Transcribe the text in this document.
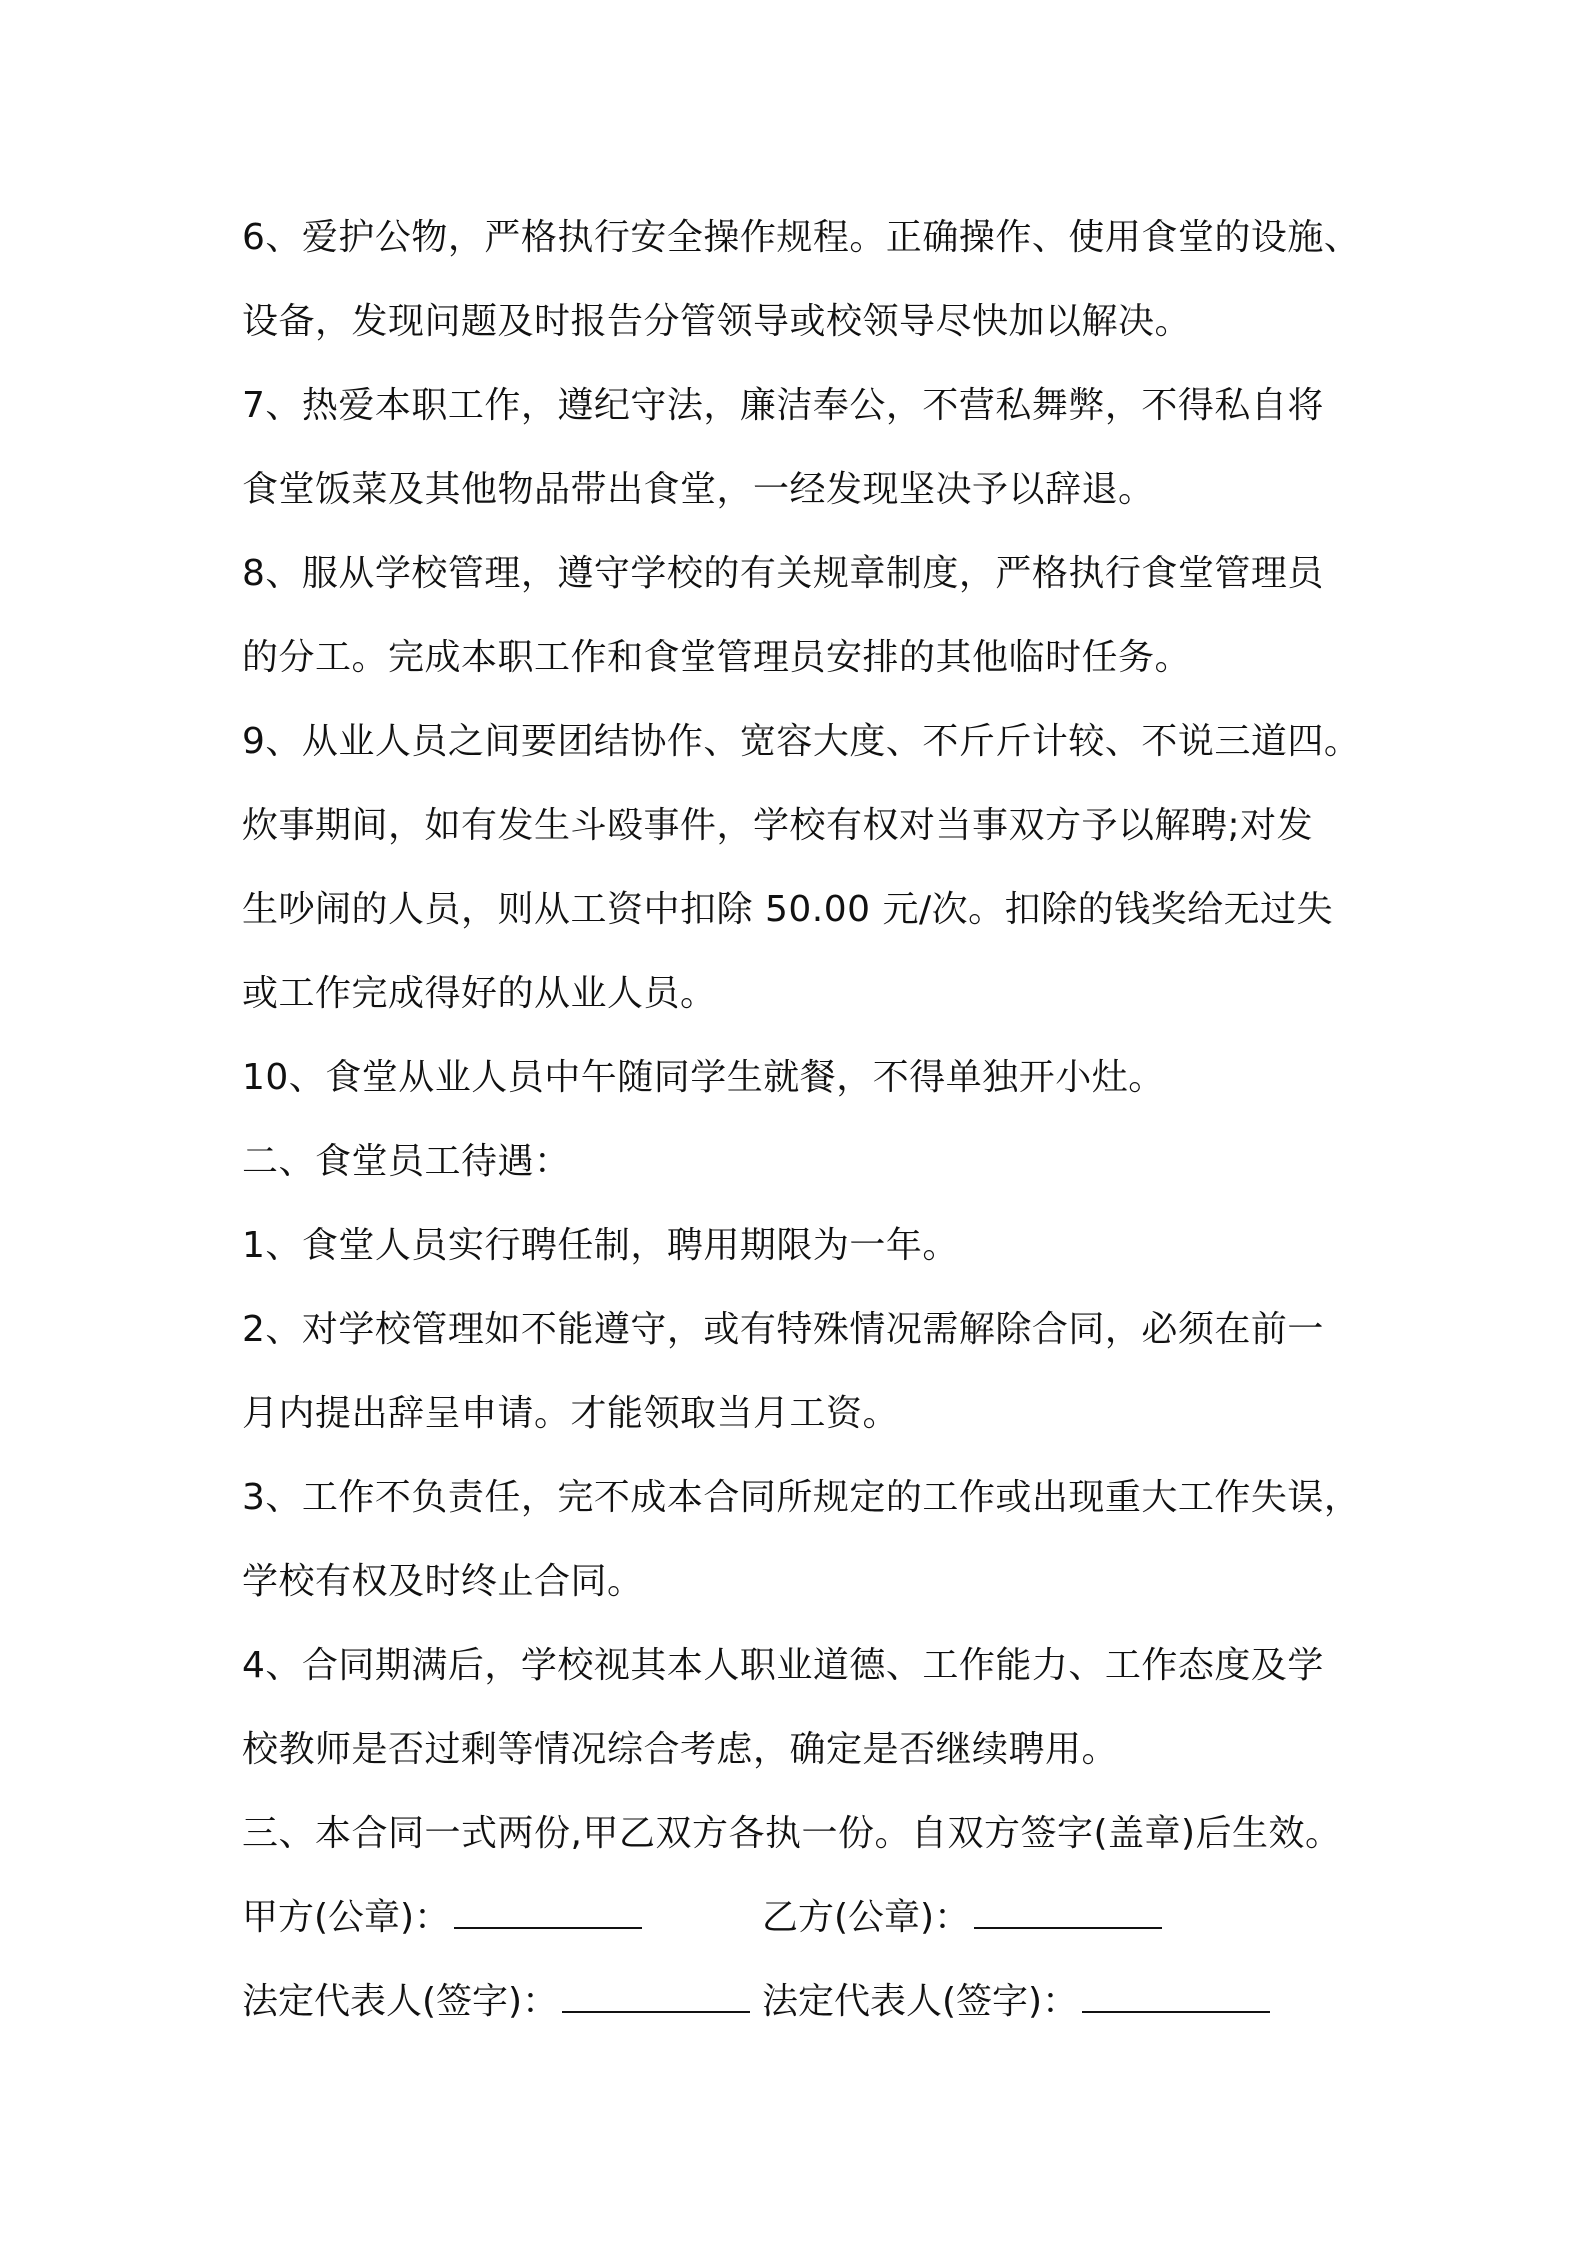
6、爱护公物，严格执行安全操作规程。正确操作、使用食堂的设施、
设备，发现问题及时报告分管领导或校领导尽快加以解决。
7、热爱本职工作，遵纪守法，廉洁奉公，不营私舞弊，不得私自将
食堂饭菜及其他物品带出食堂，一经发现坚决予以辞退。
8、服从学校管理，遵守学校的有关规章制度，严格执行食堂管理员
的分工。完成本职工作和食堂管理员安排的其他临时任务。
9、从业人员之间要团结协作、宽容大度、不斤斤计较、不说三道四。
炊事期间，如有发生斗殴事件，学校有权对当事双方予以解聘;对发
生吵闹的人员，则从工资中扣除 50.00 元/次。扣除的钱奖给无过失
或工作完成得好的从业人员。
10、食堂从业人员中午随同学生就餐，不得单独开小灶。
二、食堂员工待遇：
1、食堂人员实行聘任制，聘用期限为一年。
2、对学校管理如不能遵守，或有特殊情况需解除合同，必须在前一
月内提出辞呈申请。才能领取当月工资。
3、工作不负责任，完不成本合同所规定的工作或出现重大工作失误，
学校有权及时终止合同。
4、合同期满后，学校视其本人职业道德、工作能力、工作态度及学
校教师是否过剩等情况综合考虑，确定是否继续聘用。
三、本合同一式两份,甲乙双方各执一份。自双方签字(盖章)后生效。
甲方(公章)：	乙方(公章)：
法定代表人(签字)：	法定代表人(签字)：
